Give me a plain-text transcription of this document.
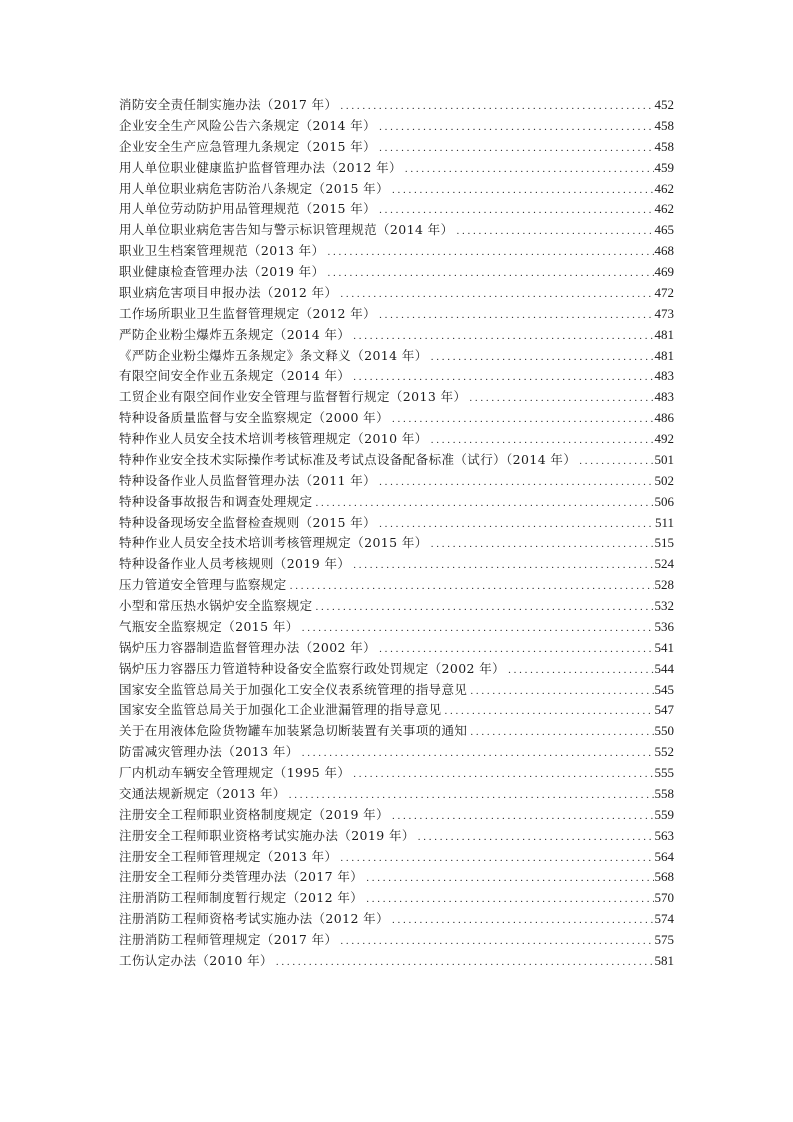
消防安全责任制实施办法（2017 年） . . .	452
企业安全生产风险公告六条规定（2014 年） . . .	458
企业安全生产应急管理九条规定（2015 年） . . .	458
用人单位职业健康监护监督管理办法（2012 年） . . .	459
用人单位职业病危害防治八条规定（2015 年） . . .	462
用人单位劳动防护用品管理规范（2015 年） . . .	462
用人单位职业病危害告知与警示标识管理规范（2014 年） . . .	465
职业卫生档案管理规范（2013 年） . . .	468
职业健康检查管理办法（2019 年） . . .	469
职业病危害项目申报办法（2012 年） . . .	472
工作场所职业卫生监督管理规定（2012 年） . . .	473
严防企业粉尘爆炸五条规定（2014 年） . . .	481
《严防企业粉尘爆炸五条规定》条文释义（2014 年） . . .	481
有限空间安全作业五条规定（2014 年） . . .	483
工贸企业有限空间作业安全管理与监督暂行规定（2013 年） . . .	483
特种设备质量监督与安全监察规定（2000 年） . . .	486
特种作业人员安全技术培训考核管理规定（2010 年） . . .	492
特种作业安全技术实际操作考试标准及考试点设备配备标准（试行）（2014 年） . . .	501
特种设备作业人员监督管理办法（2011 年） . . .	502
特种设备事故报告和调查处理规定 . . .	506
特种设备现场安全监督检查规则（2015 年） . . .	511
特种作业人员安全技术培训考核管理规定（2015 年） . . .	515
特种设备作业人员考核规则（2019 年） . . .	524
压力管道安全管理与监察规定 . . .	528
小型和常压热水锅炉安全监察规定 . . .	532
气瓶安全监察规定（2015 年） . . .	536
锅炉压力容器制造监督管理办法（2002 年） . . .	541
锅炉压力容器压力管道特种设备安全监察行政处罚规定（2002 年） . . .	544
国家安全监管总局关于加强化工安全仪表系统管理的指导意见 . . .	545
国家安全监管总局关于加强化工企业泄漏管理的指导意见 . . .	547
关于在用液体危险货物罐车加装紧急切断装置有关事项的通知 . . .	550
防雷减灾管理办法（2013 年） . . .	552
厂内机动车辆安全管理规定（1995 年） . . .	555
交通法规新规定（2013 年） . . .	558
注册安全工程师职业资格制度规定（2019 年） . . .	559
注册安全工程师职业资格考试实施办法（2019 年） . . .	563
注册安全工程师管理规定（2013 年） . . .	564
注册安全工程师分类管理办法（2017 年） . . .	568
注册消防工程师制度暂行规定（2012 年） . . .	570
注册消防工程师资格考试实施办法（2012 年） . . .	574
注册消防工程师管理规定（2017 年） . . .	575
工伤认定办法（2010 年） . . .	581
